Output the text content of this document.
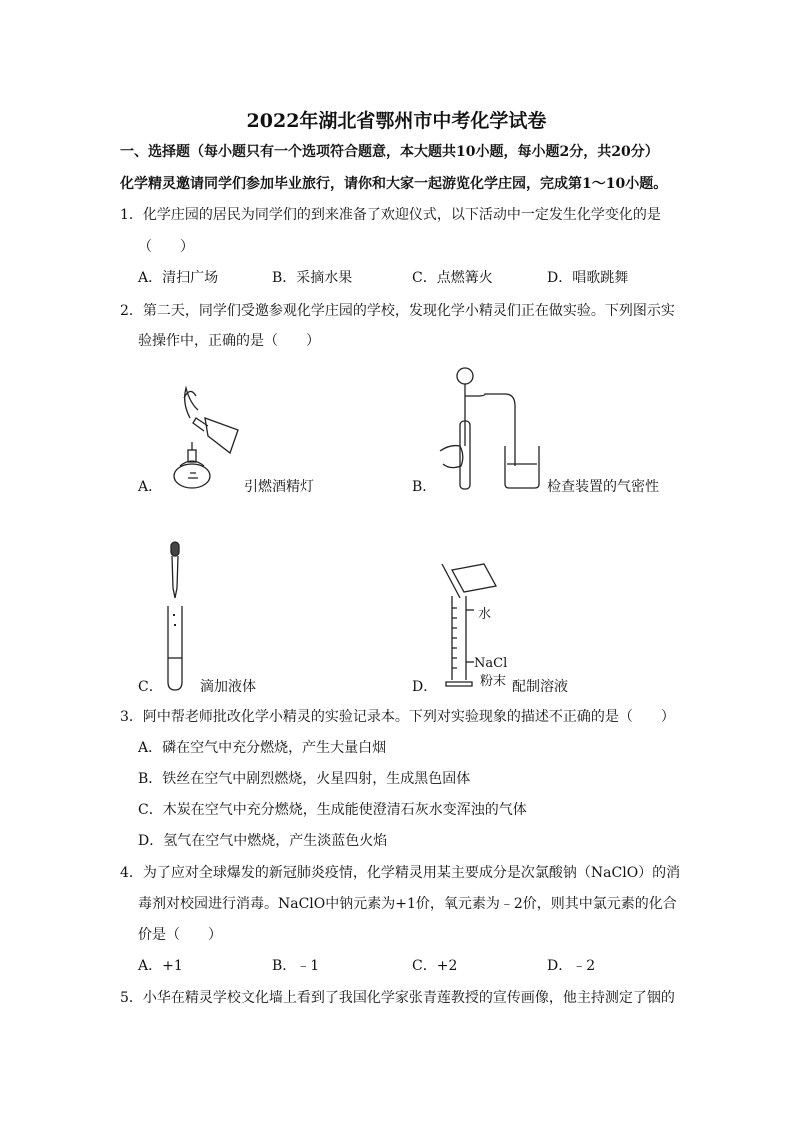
2022年湖北省鄂州市中考化学试卷
一、选择题（每小题只有一个选项符合题意，本大题共10小题，每小题2分，共20分）
化学精灵邀请同学们参加毕业旅行，请你和大家一起游览化学庄园，完成第1～10小题。
1．化学庄园的居民为同学们的到来准备了欢迎仪式，以下活动中一定发生化学变化的是
（　　）
A．清扫广场	B．采摘水果	C．点燃篝火	D．唱歌跳舞
2．第二天，同学们受邀参观化学庄园的学校，发现化学小精灵们正在做实验。下列图示实
验操作中，正确的是（　　）
A．	引燃酒精灯	B．	检查装置的气密性
C．	滴加液体
水
NaCl
粉末
D．	配制溶液
3．阿中帮老师批改化学小精灵的实验记录本。下列对实验现象的描述不正确的是（　　）
A．磷在空气中充分燃烧，产生大量白烟
B．铁丝在空气中剧烈燃烧，火星四射，生成黑色固体
C．木炭在空气中充分燃烧，生成能使澄清石灰水变浑浊的气体
D．氢气在空气中燃烧，产生淡蓝色火焰
4．为了应对全球爆发的新冠肺炎疫情，化学精灵用某主要成分是次氯酸钠（NaClO）的消
毒剂对校园进行消毒。NaClO中钠元素为+1价，氧元素为﹣2价，则其中氯元素的化合
价是（　　）
A．+1	B．﹣1	C．+2	D．﹣2
5．小华在精灵学校文化墙上看到了我国化学家张青莲教授的宣传画像，他主持测定了铟的
